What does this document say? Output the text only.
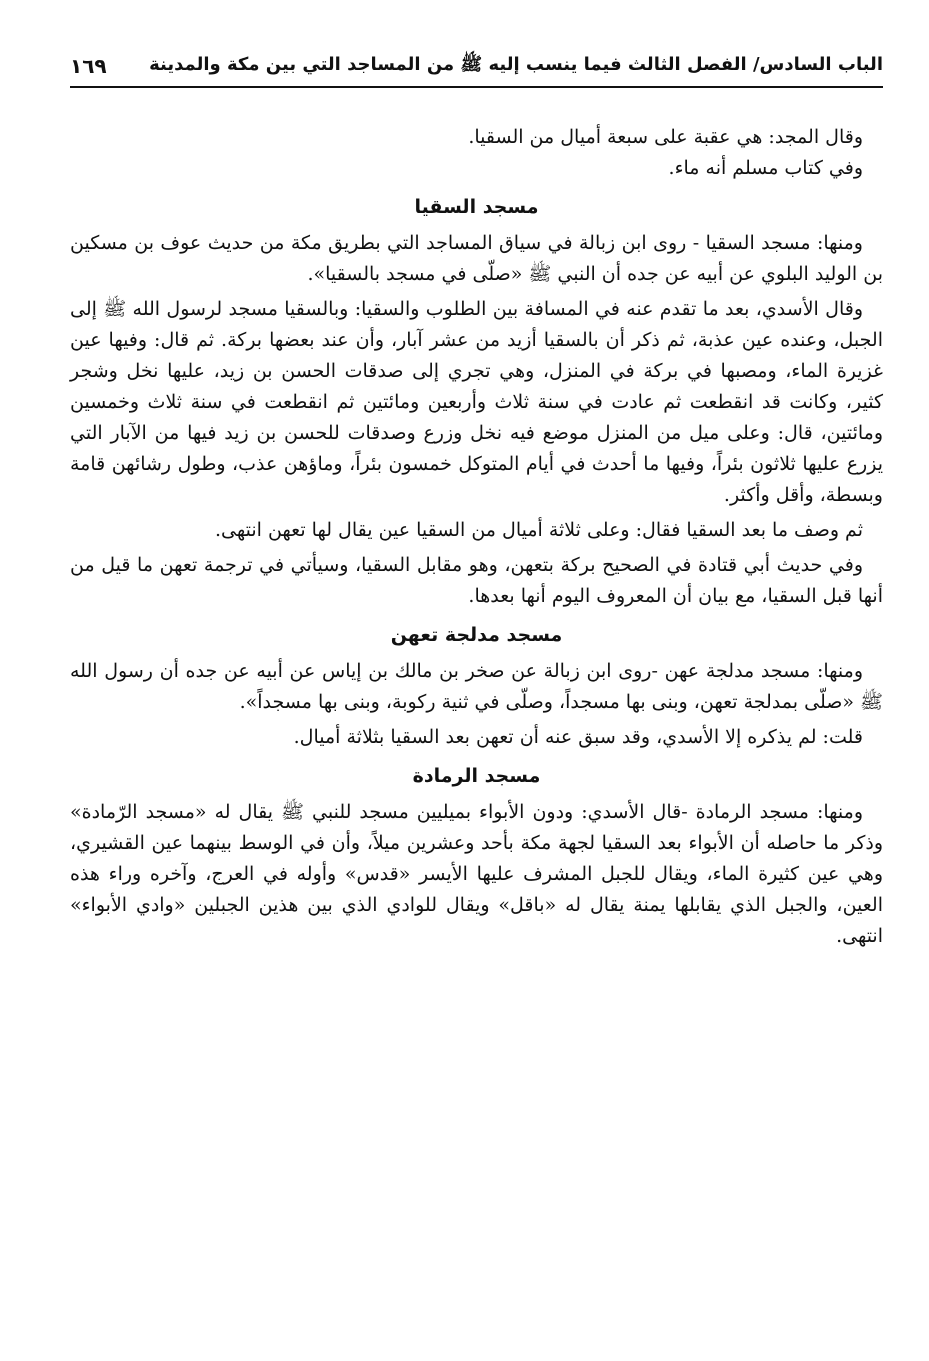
الباب السادس/ الفصل الثالث فيما ينسب إليه ﷺ من المساجد التي بين مكة والمدينة
١٦٩

وقال المجد: هي عقبة على سبعة أميال من السقيا.

وفي كتاب مسلم أنه ماء.

مسجد السقيا

ومنها: مسجد السقيا - روى ابن زبالة في سياق المساجد التي بطريق مكة من حديث عوف بن مسكين بن الوليد البلوي عن أبيه عن جده أن النبي ﷺ «صلّى في مسجد بالسقيا».

وقال الأسدي، بعد ما تقدم عنه في المسافة بين الطلوب والسقيا: وبالسقيا مسجد لرسول الله ﷺ إلى الجبل، وعنده عين عذبة، ثم ذكر أن بالسقيا أزيد من عشر آبار، وأن عند بعضها بركة. ثم قال: وفيها عين غزيرة الماء، ومصبها في بركة في المنزل، وهي تجري إلى صدقات الحسن بن زيد، عليها نخل وشجر كثير، وكانت قد انقطعت ثم عادت في سنة ثلاث وأربعين ومائتين ثم انقطعت في سنة ثلاث وخمسين ومائتين، قال: وعلى ميل من المنزل موضع فيه نخل وزرع وصدقات للحسن بن زيد فيها من الآبار التي يزرع عليها ثلاثون بئراً، وفيها ما أحدث في أيام المتوكل خمسون بئراً، وماؤهن عذب، وطول رشائهن قامة وبسطة، وأقل وأكثر.

ثم وصف ما بعد السقيا فقال: وعلى ثلاثة أميال من السقيا عين يقال لها تعهن انتهى.

وفي حديث أبي قتادة في الصحيح بركة بتعهن، وهو مقابل السقيا، وسيأتي في ترجمة تعهن ما قيل من أنها قبل السقيا، مع بيان أن المعروف اليوم أنها بعدها.

مسجد مدلجة تعهن

ومنها: مسجد مدلجة عهن -روى ابن زبالة عن صخر بن مالك بن إياس عن أبيه عن جده أن رسول الله ﷺ «صلّى بمدلجة تعهن، وبنى بها مسجداً، وصلّى في ثنية ركوبة، وبنى بها مسجداً».

قلت: لم يذكره إلا الأسدي، وقد سبق عنه أن تعهن بعد السقيا بثلاثة أميال.

مسجد الرمادة

ومنها: مسجد الرمادة -قال الأسدي: ودون الأبواء بميليين مسجد للنبي ﷺ يقال له «مسجد الرّمادة» وذكر ما حاصله أن الأبواء بعد السقيا لجهة مكة بأحد وعشرين ميلاً، وأن في الوسط بينهما عين القشيري، وهي عين كثيرة الماء، ويقال للجبل المشرف عليها الأيسر «قدس» وأوله في العرج، وآخره وراء هذه العين، والجبل الذي يقابلها يمنة يقال له «باقل» ويقال للوادي الذي بين هذين الجبلين «وادي الأبواء» انتهى.
